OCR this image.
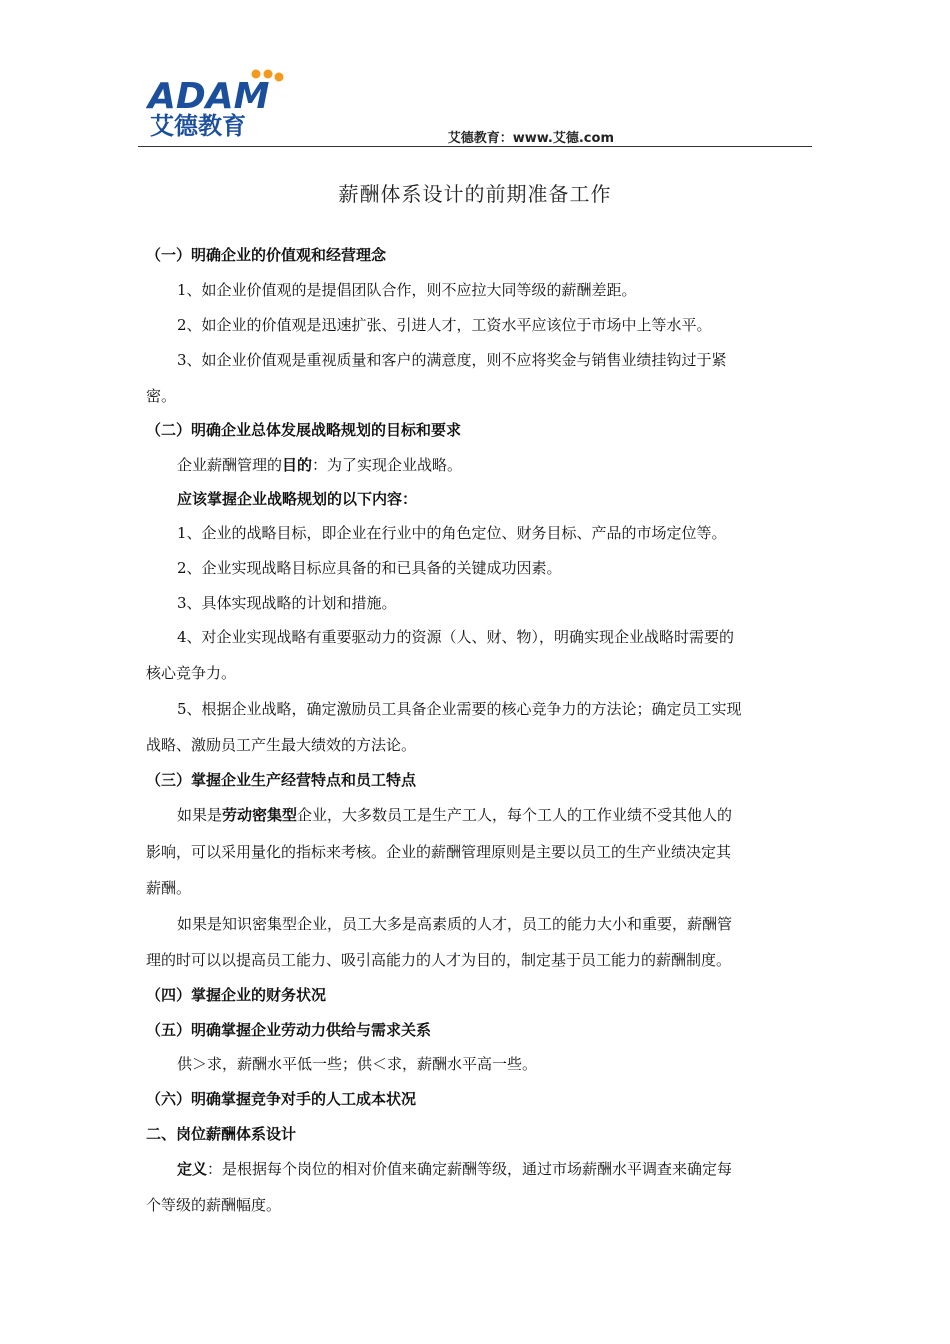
ADAM
艾德教育	艾德教育：www.艾德.com
薪酬体系设计的前期准备工作
（一）明确企业的价值观和经营理念
1、如企业价值观的是提倡团队合作，则不应拉大同等级的薪酬差距。
2、如企业的价值观是迅速扩张、引进人才，工资水平应该位于市场中上等水平。
3、如企业价值观是重视质量和客户的满意度，则不应将奖金与销售业绩挂钩过于紧
密。
（二）明确企业总体发展战略规划的目标和要求
企业薪酬管理的目的：为了实现企业战略。
应该掌握企业战略规划的以下内容：
1、企业的战略目标，即企业在行业中的角色定位、财务目标、产品的市场定位等。
2、企业实现战略目标应具备的和已具备的关键成功因素。
3、具体实现战略的计划和措施。
4、对企业实现战略有重要驱动力的资源（人、财、物），明确实现企业战略时需要的
核心竞争力。
5、根据企业战略，确定激励员工具备企业需要的核心竞争力的方法论；确定员工实现
战略、激励员工产生最大绩效的方法论。
（三）掌握企业生产经营特点和员工特点
如果是劳动密集型企业，大多数员工是生产工人，每个工人的工作业绩不受其他人的
影响，可以采用量化的指标来考核。企业的薪酬管理原则是主要以员工的生产业绩决定其
薪酬。
如果是知识密集型企业，员工大多是高素质的人才，员工的能力大小和重要，薪酬管
理的时可以以提高员工能力、吸引高能力的人才为目的，制定基于员工能力的薪酬制度。
（四）掌握企业的财务状况
（五）明确掌握企业劳动力供给与需求关系
供＞求，薪酬水平低一些；供＜求，薪酬水平高一些。
（六）明确掌握竞争对手的人工成本状况
二、岗位薪酬体系设计
定义：是根据每个岗位的相对价值来确定薪酬等级，通过市场薪酬水平调查来确定每
个等级的薪酬幅度。
